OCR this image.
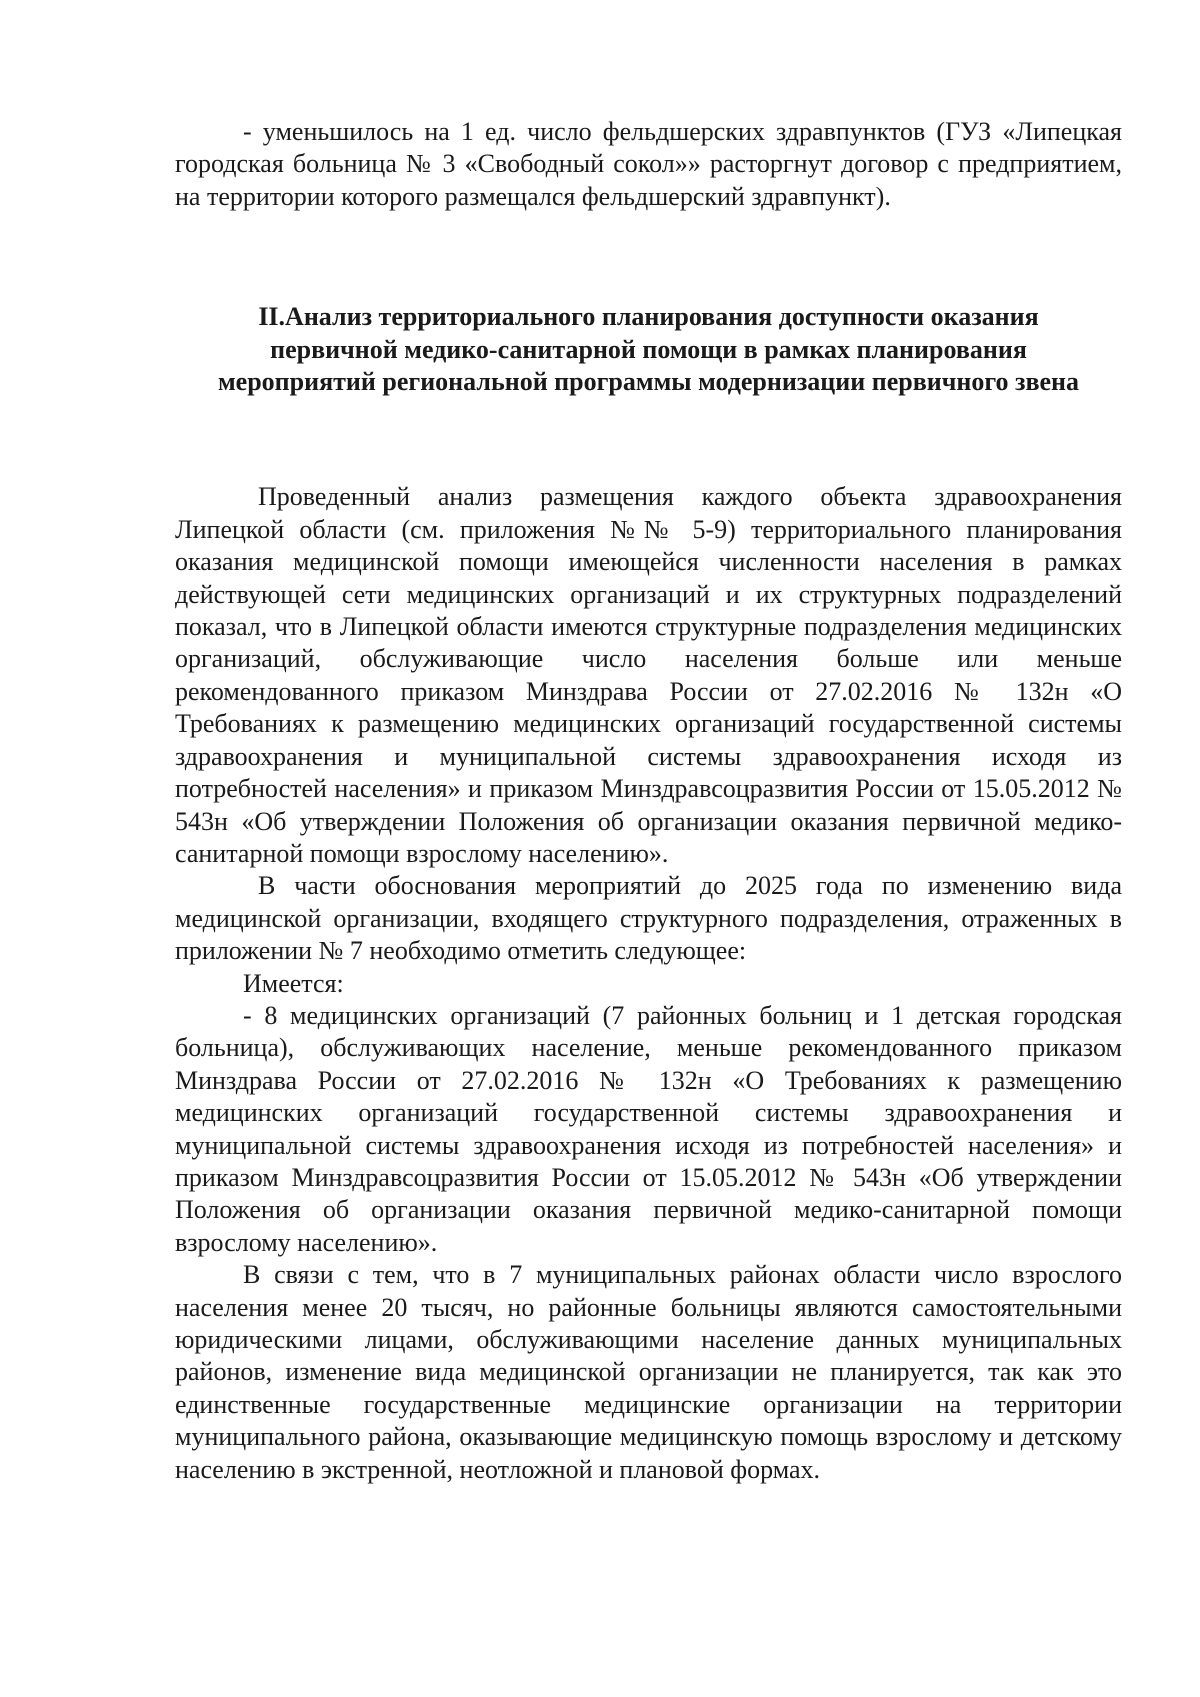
- уменьшилось на 1 ед. число фельдшерских здравпунктов (ГУЗ «Липецкая городская больница № 3 «Свободный сокол»» расторгнут договор с предприятием, на территории которого размещался фельдшерский здравпункт).

II.Анализ территориального планирования доступности оказания

первичной медико-санитарной помощи в рамках планирования

мероприятий региональной программы модернизации первичного звена

Проведенный анализ размещения каждого объекта здравоохранения Липецкой области (см. приложения №№ 5-9) территориального планирования оказания медицинской помощи имеющейся численности населения в рамках действующей сети медицинских организаций и их структурных подразделений показал, что в Липецкой области имеются структурные подразделения медицинских организаций, обслуживающие число населения больше или меньше рекомендованного приказом Минздрава России от 27.02.2016 № 132н «О Требованиях к размещению медицинских организаций государственной системы здравоохранения и муниципальной системы здравоохранения исходя из потребностей населения» и приказом Минздравсоцразвития России от 15.05.2012 № 543н «Об утверждении Положения об организации оказания первичной медико-санитарной помощи взрослому населению».

В части обоснования мероприятий до 2025 года по изменению вида медицинской организации, входящего структурного подразделения, отраженных в приложении № 7 необходимо отметить следующее:

Имеется:

- 8 медицинских организаций (7 районных больниц и 1 детская городская больница), обслуживающих население, меньше рекомендованного приказом Минздрава России от 27.02.2016 № 132н «О Требованиях к размещению медицинских организаций государственной системы здравоохранения и муниципальной системы здравоохранения исходя из потребностей населения» и приказом Минздравсоцразвития России от 15.05.2012 № 543н «Об утверждении Положения об организации оказания первичной медико-санитарной помощи взрослому населению».

В связи с тем, что в 7 муниципальных районах области число взрослого населения менее 20 тысяч, но районные больницы являются самостоятельными юридическими лицами, обслуживающими население данных муниципальных районов, изменение вида медицинской организации не планируется, так как это единственные государственные медицинские организации на территории муниципального района, оказывающие медицинскую помощь взрослому и детскому населению в экстренной, неотложной и плановой формах.
